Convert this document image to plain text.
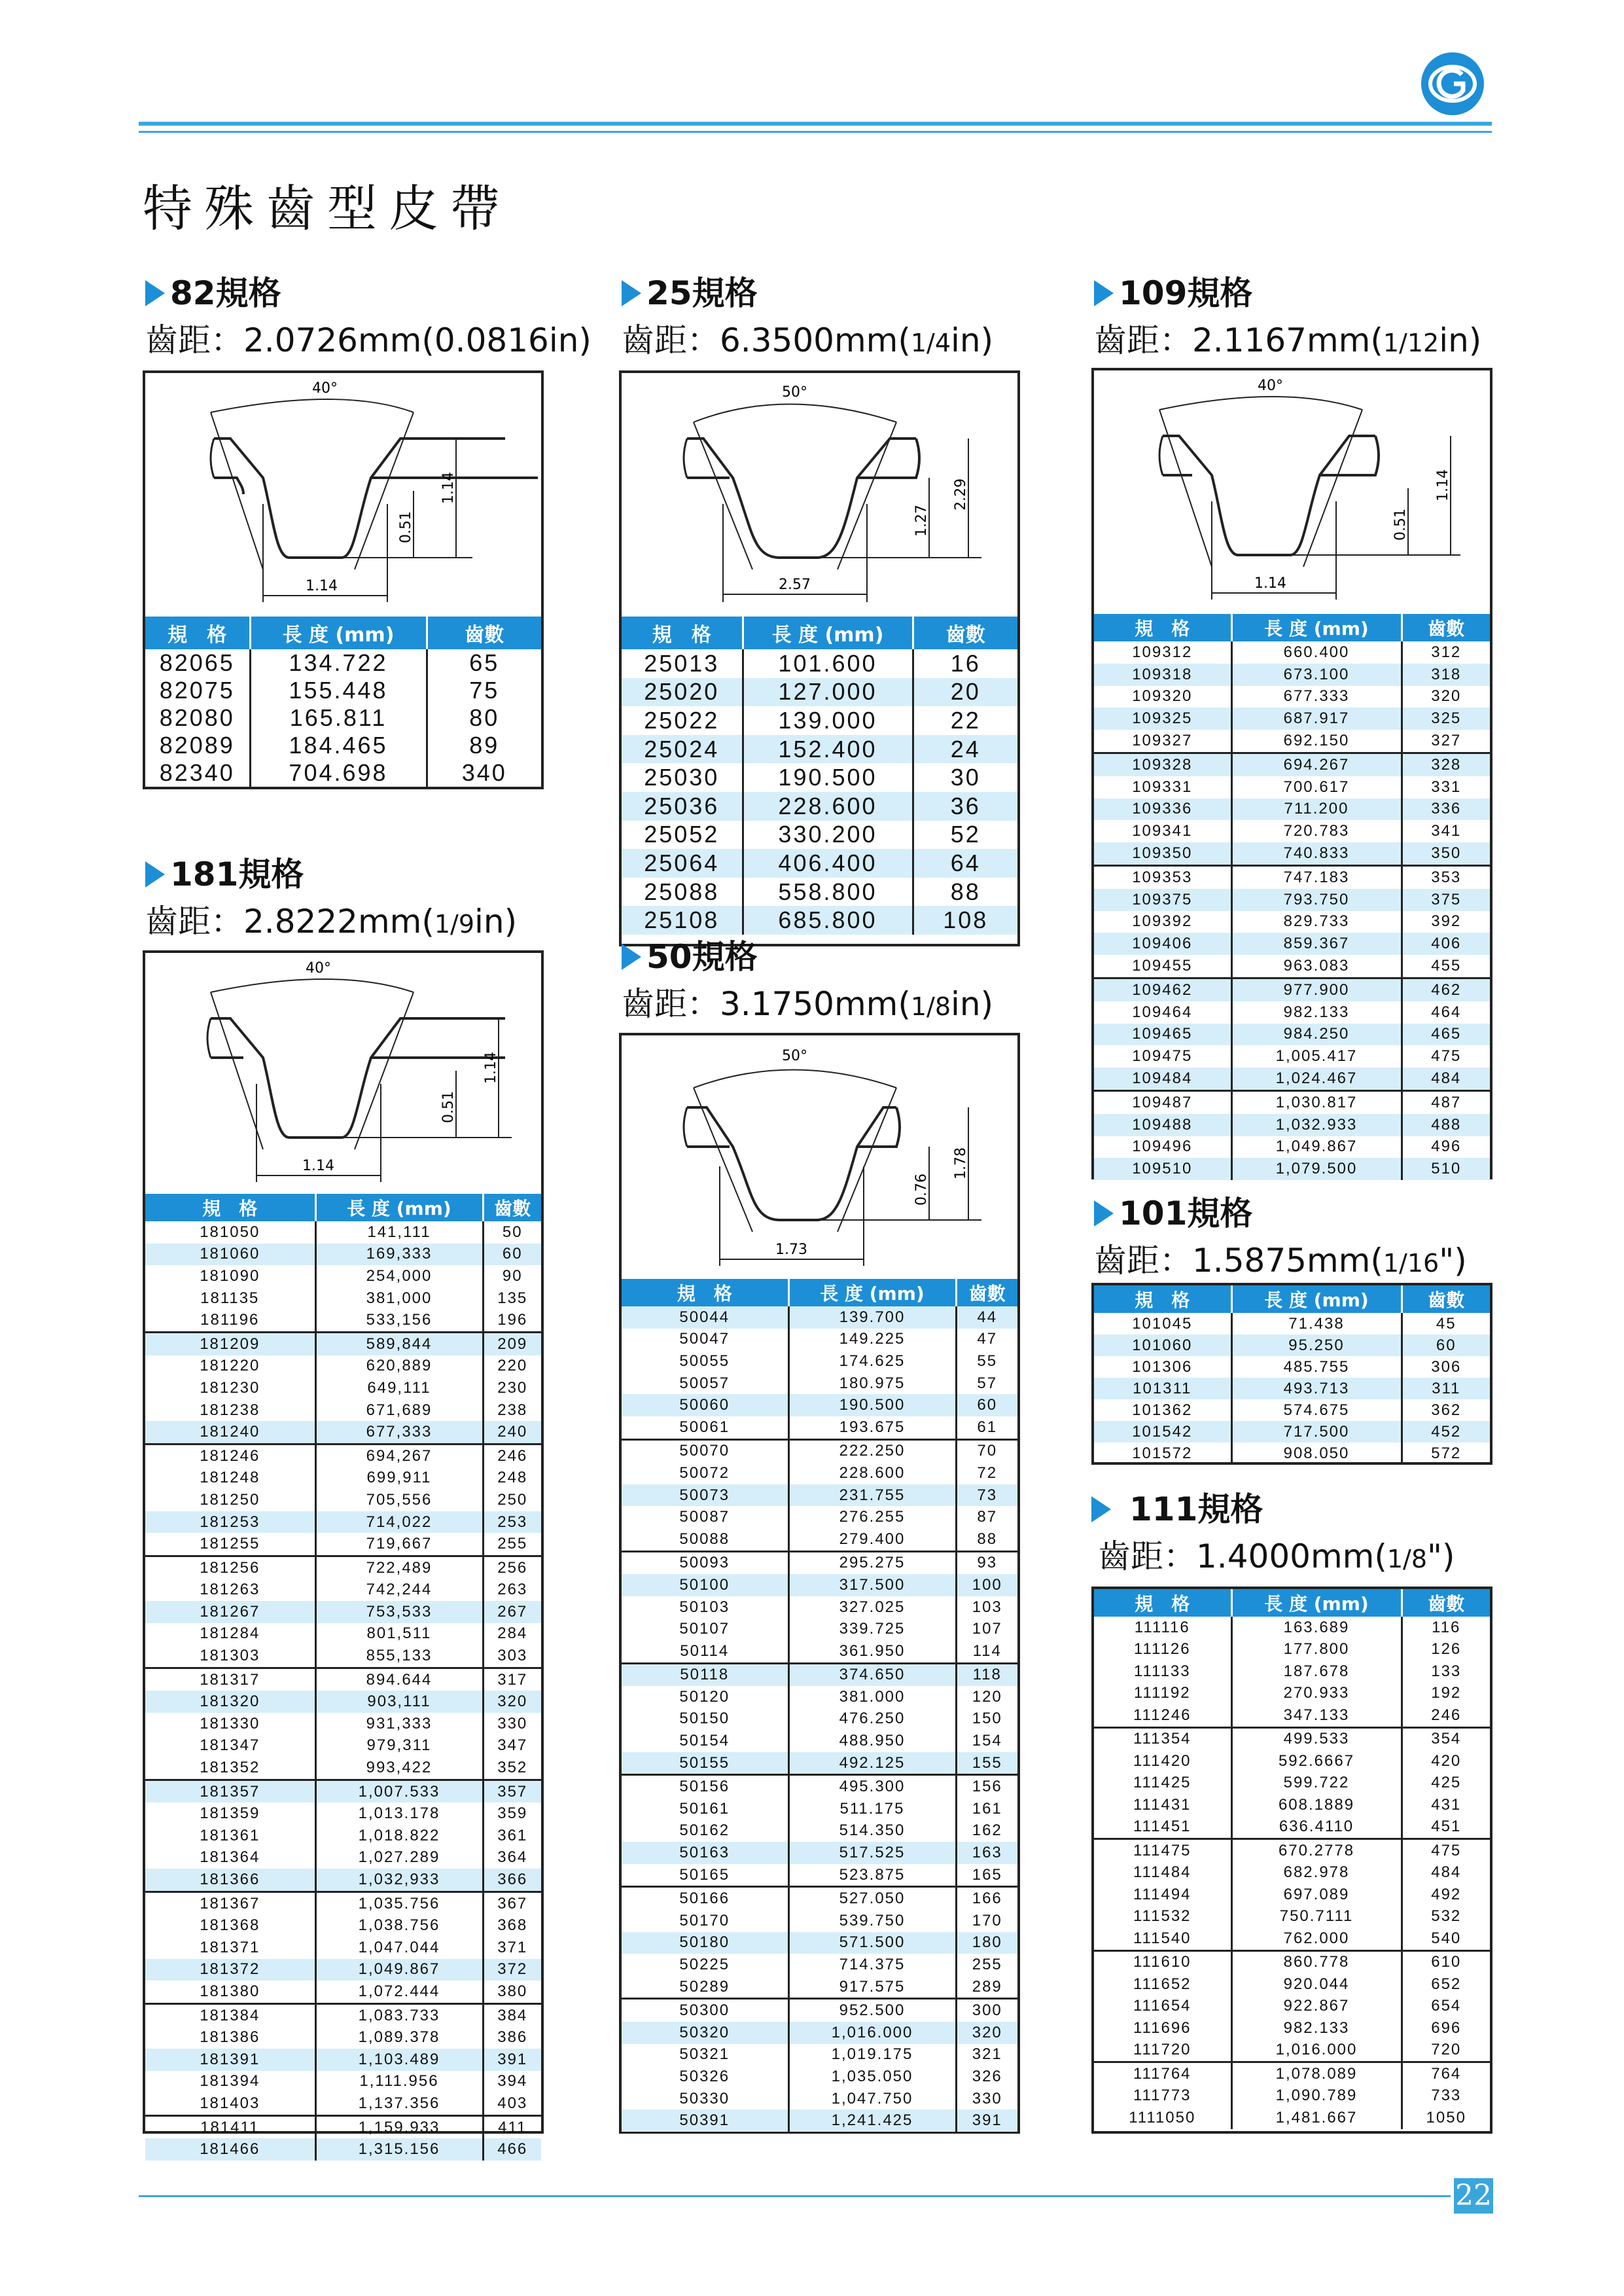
特殊齒型皮帶
82規格
齒距：2.0726mm(0.0816in)
40°
1.14
0.51
1.14
規　格	長 度 (mm)	齒數
82065	134.722	65
82075	155.448	75
82080	165.811	80
82089	184.465	89
82340	704.698	340
25規格
齒距：6.3500mm(1/4in)
50°
2.29
1.27
2.57
規　格	長 度 (mm)	齒數
25013	101.600	16
25020	127.000	20
25022	139.000	22
25024	152.400	24
25030	190.500	30
25036	228.600	36
25052	330.200	52
25064	406.400	64
25088	558.800	88
25108	685.800	108
109規格
齒距：2.1167mm(1/12in)
40°
1.14
0.51
1.14
規　格	長 度 (mm)	齒數
109312	660.400	312
109318	673.100	318
109320	677.333	320
109325	687.917	325
109327	692.150	327
109328	694.267	328
109331	700.617	331
109336	711.200	336
109341	720.783	341
109350	740.833	350
109353	747.183	353
109375	793.750	375
109392	829.733	392
109406	859.367	406
109455	963.083	455
109462	977.900	462
109464	982.133	464
109465	984.250	465
109475	1,005.417	475
109484	1,024.467	484
109487	1,030.817	487
109488	1,032.933	488
109496	1,049.867	496
109510	1,079.500	510
181規格
齒距：2.8222mm(1/9in)
40°
1.14
0.51
1.14
規　格	長 度 (mm)	齒數
181050	141,111	50
181060	169,333	60
181090	254,000	90
181135	381,000	135
181196	533,156	196
181209	589,844	209
181220	620,889	220
181230	649,111	230
181238	671,689	238
181240	677,333	240
181246	694,267	246
181248	699,911	248
181250	705,556	250
181253	714,022	253
181255	719,667	255
181256	722,489	256
181263	742,244	263
181267	753,533	267
181284	801,511	284
181303	855,133	303
181317	894.644	317
181320	903,111	320
181330	931,333	330
181347	979,311	347
181352	993,422	352
181357	1,007.533	357
181359	1,013.178	359
181361	1,018.822	361
181364	1,027.289	364
181366	1,032,933	366
181367	1,035.756	367
181368	1,038.756	368
181371	1,047.044	371
181372	1,049.867	372
181380	1,072.444	380
181384	1,083.733	384
181386	1,089.378	386
181391	1,103.489	391
181394	1,111.956	394
181403	1,137.356	403
181411	1,159.933	411
181466	1,315.156	466
50規格
齒距：3.1750mm(1/8in)
50°
1.78
0.76
1.73
規　格	長 度 (mm)	齒數
50044	139.700	44
50047	149.225	47
50055	174.625	55
50057	180.975	57
50060	190.500	60
50061	193.675	61
50070	222.250	70
50072	228.600	72
50073	231.755	73
50087	276.255	87
50088	279.400	88
50093	295.275	93
50100	317.500	100
50103	327.025	103
50107	339.725	107
50114	361.950	114
50118	374.650	118
50120	381.000	120
50150	476.250	150
50154	488.950	154
50155	492.125	155
50156	495.300	156
50161	511.175	161
50162	514.350	162
50163	517.525	163
50165	523.875	165
50166	527.050	166
50170	539.750	170
50180	571.500	180
50225	714.375	255
50289	917.575	289
50300	952.500	300
50320	1,016.000	320
50321	1,019.175	321
50326	1,035.050	326
50330	1,047.750	330
50391	1,241.425	391
101規格
齒距：1.5875mm(1/16")
規　格	長 度 (mm)	齒數
101045	71.438	45
101060	95.250	60
101306	485.755	306
101311	493.713	311
101362	574.675	362
101542	717.500	452
101572	908.050	572
111規格
齒距：1.4000mm(1/8")
規　格	長 度 (mm)	齒數
111116	163.689	116
111126	177.800	126
111133	187.678	133
111192	270.933	192
111246	347.133	246
111354	499.533	354
111420	592.6667	420
111425	599.722	425
111431	608.1889	431
111451	636.4110	451
111475	670.2778	475
111484	682.978	484
111494	697.089	492
111532	750.7111	532
111540	762.000	540
111610	860.778	610
111652	920.044	652
111654	922.867	654
111696	982.133	696
111720	1,016.000	720
111764	1,078.089	764
111773	1,090.789	733
1111050	1,481.667	1050
22
